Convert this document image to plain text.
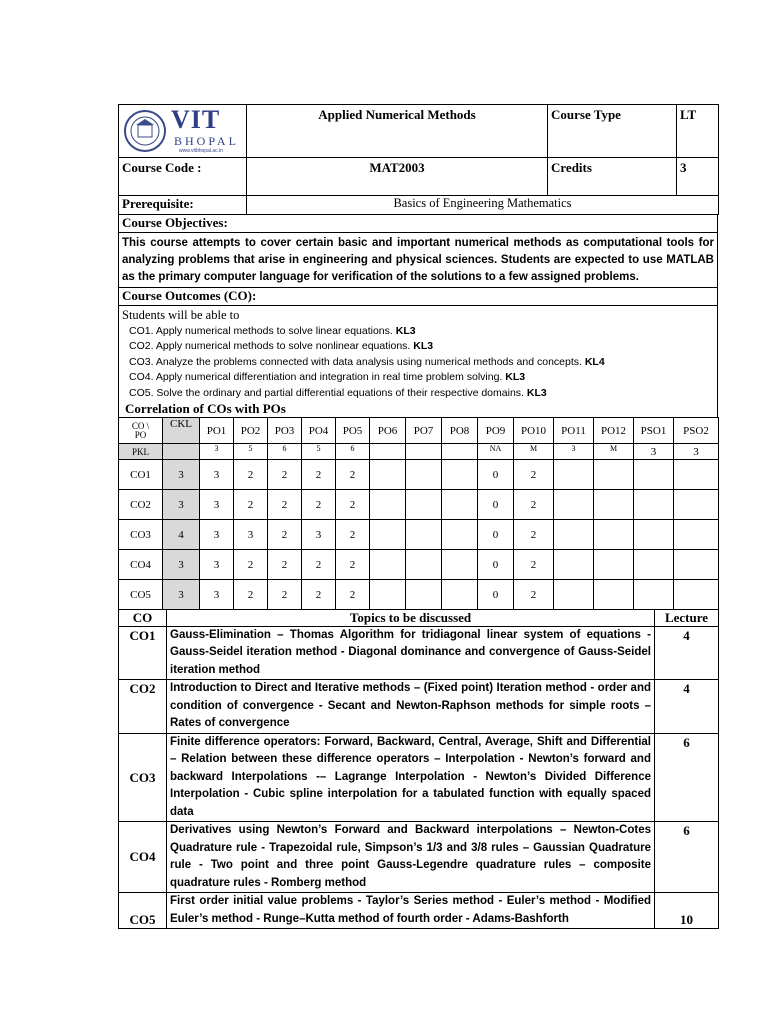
VIT
BHOPAL
www.vitbhopal.ac.in	Applied Numerical Methods	Course Type	LT
Course Code :	MAT2003	Credits	3
Prerequisite:	Basics of Engineering Mathematics
Course Objectives:
This course attempts to cover certain basic and important numerical methods as computational tools for analyzing problems that arise in engineering and physical sciences. Students are expected to use MATLAB as the primary computer language for verification of the solutions to a few assigned problems.
Course Outcomes (CO):
Students will be able to
CO1. Apply numerical methods to solve linear equations. KL3
CO2. Apply numerical methods to solve nonlinear equations. KL3
CO3. Analyze the problems connected with data analysis using numerical methods and concepts. KL4
CO4. Apply numerical differentiation and integration in real time problem solving. KL3
CO5. Solve the ordinary and partial differential equations of their respective domains. KL3
Correlation of COs with POs
CO \
PO	CKL	PO1	PO2	PO3	PO4	PO5	PO6	PO7	PO8	PO9	PO10	PO11	PO12	PSO1	PSO2
PKL		3	5	6	5	6				NA	M	3	M	3	3
CO1	3	3	2	2	2	2				0	2				
CO2	3	3	2	2	2	2				0	2				
CO3	4	3	3	2	3	2				0	2				
CO4	3	3	2	2	2	2				0	2				
CO5	3	3	2	2	2	2				0	2				
CO	Topics to be discussed	Lecture
CO1	Gauss-Elimination – Thomas Algorithm for tridiagonal linear system of equations - Gauss-Seidel iteration method - Diagonal dominance and convergence of Gauss-Seidel iteration method	4
CO2	Introduction to Direct and Iterative methods – (Fixed point) Iteration method - order and condition of convergence - Secant and Newton-Raphson methods for simple roots – Rates of convergence	4
CO3	Finite difference operators: Forward, Backward, Central, Average, Shift and Differential – Relation between these difference operators – Interpolation - Newton’s forward and backward Interpolations -– Lagrange Interpolation - Newton’s Divided Difference Interpolation - Cubic spline interpolation for a tabulated function with equally spaced data	6
CO4	Derivatives using Newton’s Forward and Backward interpolations – Newton-Cotes Quadrature rule - Trapezoidal rule, Simpson’s 1/3 and 3/8 rules – Gaussian Quadrature rule - Two point and three point Gauss-Legendre quadrature rules – composite quadrature rules - Romberg method	6
CO5	First order initial value problems - Taylor’s Series method - Euler’s method - Modified Euler’s method - Runge–Kutta method of fourth order - Adams-Bashforth	10
